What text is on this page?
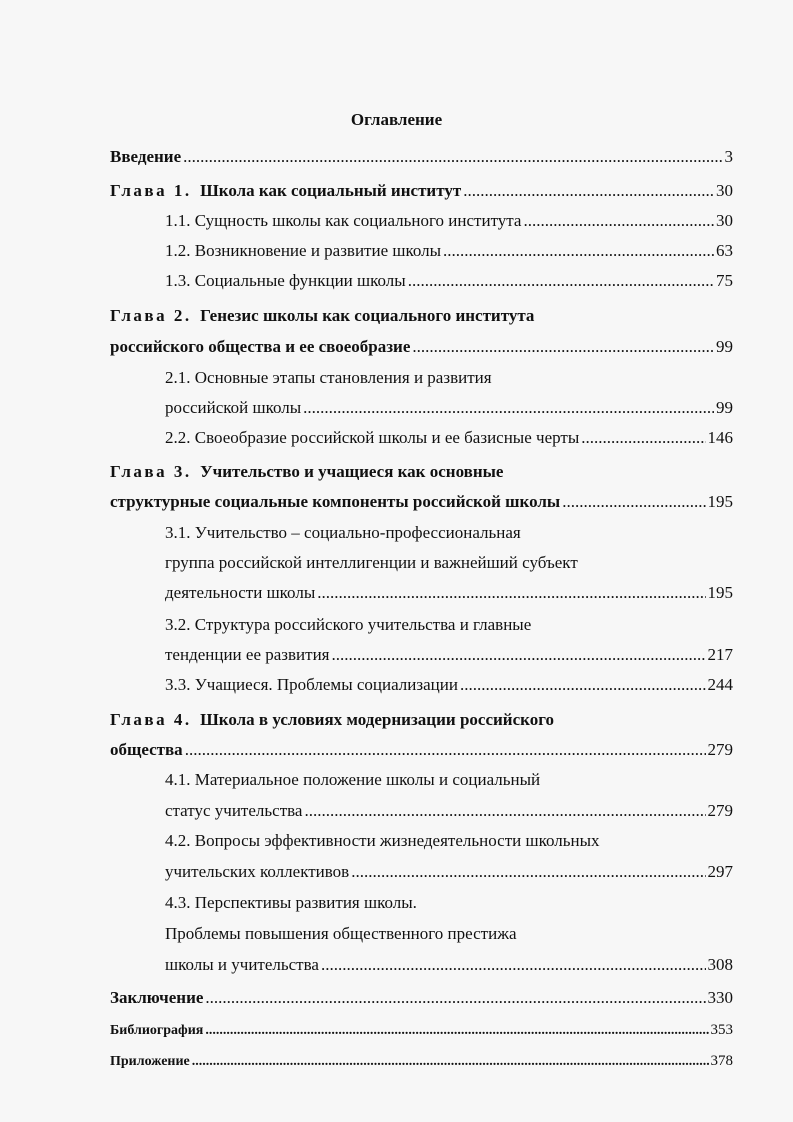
Оглавление
Введение .....	3
Глава 1. Школа как социальный институт .....	30
1.1. Сущность школы как социального института .....	30
1.2. Возникновение и развитие школы .....	63
1.3. Социальные функции школы .....	75
Глава 2. Генезис школы как социального института
российского общества и ее своеобразие .....	99
2.1. Основные этапы становления и развития
российской школы .....	99
2.2. Своеобразие российской школы и ее базисные черты .....	146
Глава 3. Учительство и учащиеся как основные
структурные социальные компоненты российской школы .....	195
3.1. Учительство – социально-профессиональная
группа российской интеллигенции и важнейший субъект
деятельности школы .....	195
3.2. Структура российского учительства и главные
тенденции ее развития .....	217
3.3. Учащиеся. Проблемы социализации .....	244
Глава 4. Школа в условиях модернизации российского
общества .....	279
4.1. Материальное положение школы и социальный
статус учительства .....	279
4.2. Вопросы эффективности жизнедеятельности школьных
учительских коллективов .....	297
4.3. Перспективы развития школы.
Проблемы повышения общественного престижа
школы и учительства .....	308
Заключение .....	330
Библиография .....	353
Приложение .....	378
